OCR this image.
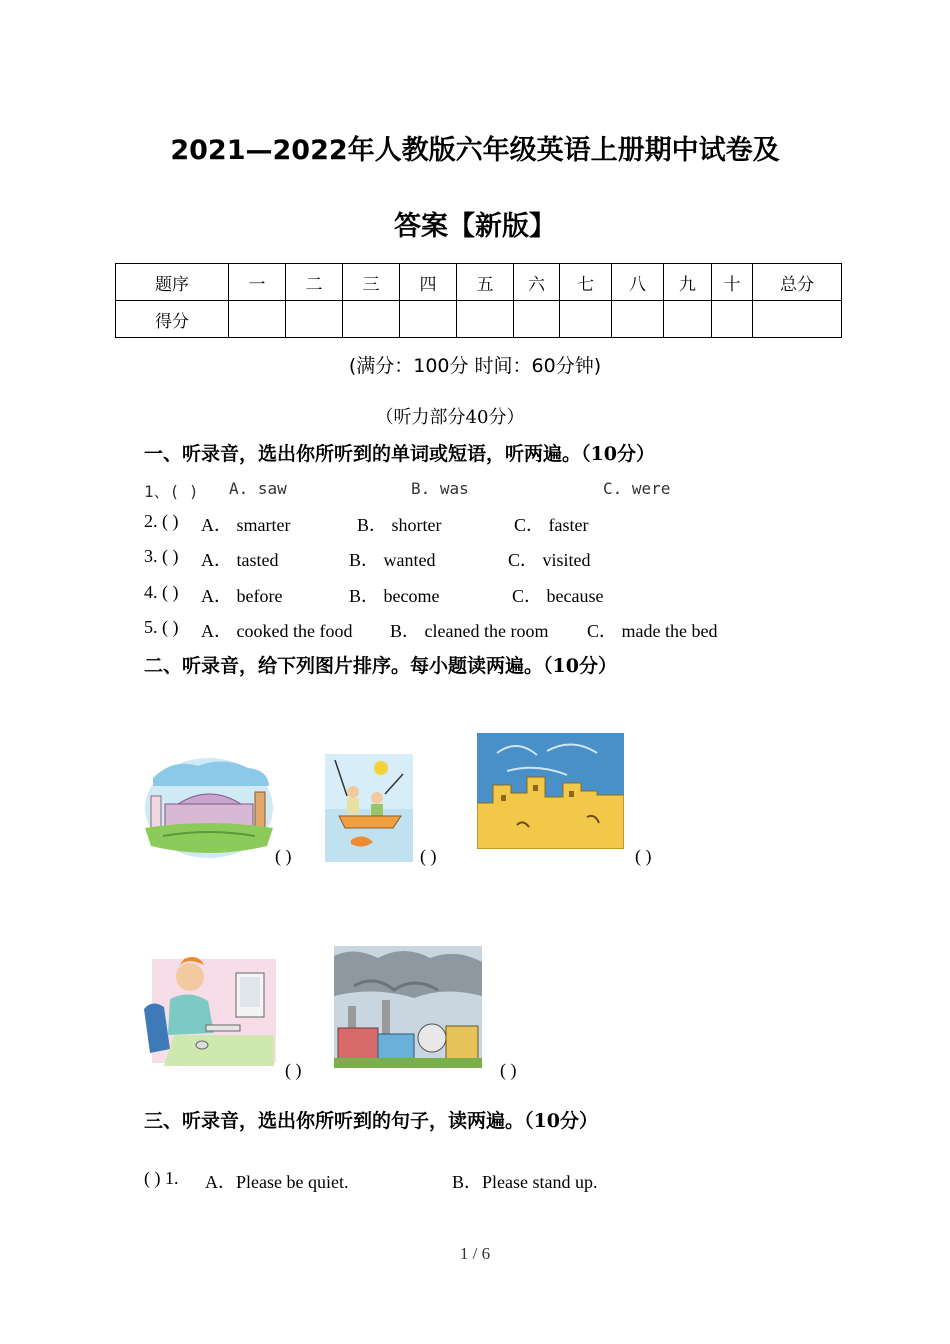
2021—2022年人教版六年级英语上册期中试卷及
答案【新版】
题序	一	二	三	四	五	六	七	八	九	十	总分
得分											
(满分：100分 时间：60分钟)
（听力部分40分）
一、听录音，选出你所听到的单词或短语，听两遍。（10分）
1、( ) A. saw	B. was	C. were
2. ( ) A． smarter	B． shorter	C． faster
3. ( ) A． tasted	B． wanted	C． visited
4. ( ) A． before	B． become	C． because
5. ( ) A． cooked the food B． cleaned the room C． made the bed
二、听录音，给下列图片排序。每小题读两遍。（10分）
( )	( )	( )
( )	( )
三、听录音，选出你所听到的句子，读两遍。（10分）
( ) 1. A．Please be quiet.	B．Please stand up.
1 / 6
